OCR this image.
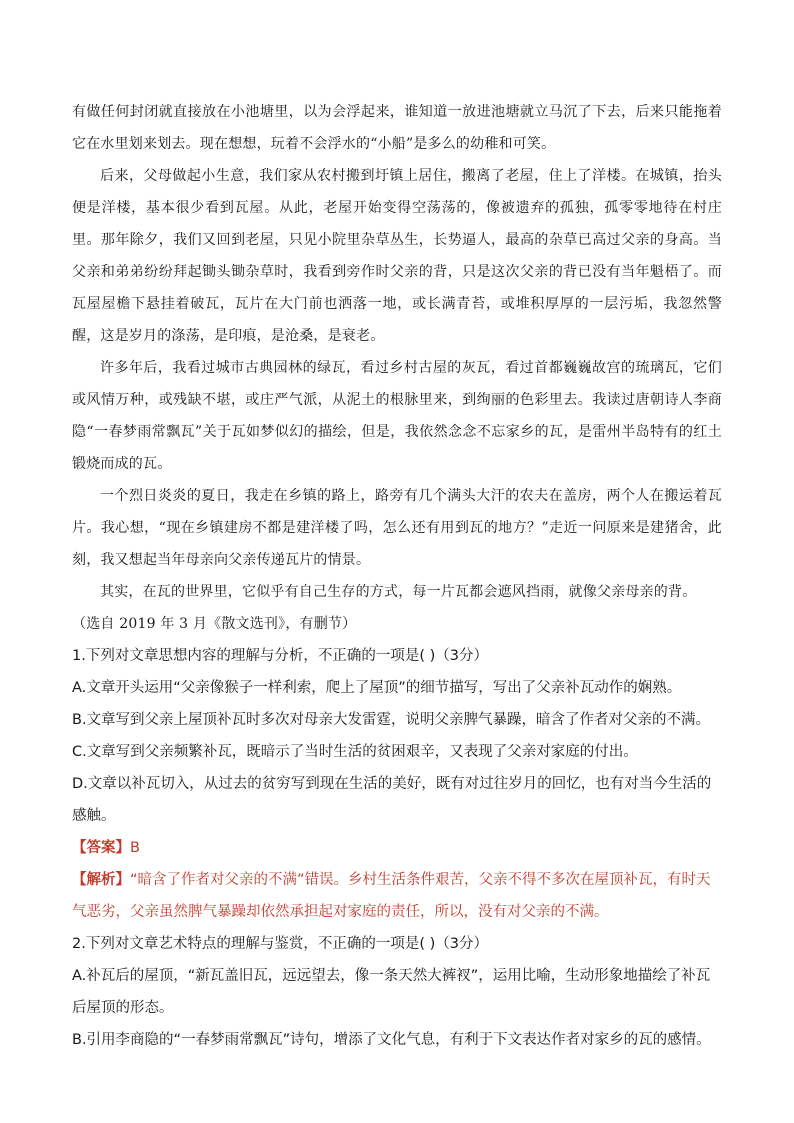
有做任何封闭就直接放在小池塘里，以为会浮起来，谁知道一放进池塘就立马沉了下去，后来只能拖着它在水里划来划去。现在想想，玩着不会浮水的“小船”是多么的幼稚和可笑。

后来，父母做起小生意，我们家从农村搬到圩镇上居住，搬离了老屋，住上了洋楼。在城镇，抬头便是洋楼，基本很少看到瓦屋。从此，老屋开始变得空荡荡的，像被遗弃的孤独，孤零零地待在村庄里。那年除夕，我们又回到老屋，只见小院里杂草丛生，长势逼人，最高的杂草已高过父亲的身高。当父亲和弟弟纷纷拜起锄头锄杂草时，我看到旁作时父亲的背，只是这次父亲的背已没有当年魁梧了。而瓦屋屋檐下悬挂着破瓦，瓦片在大门前也洒落一地，或长满青苔，或堆积厚厚的一层污垢，我忽然警醒，这是岁月的涤荡，是印痕，是沧桑，是衰老。

许多年后，我看过城市古典园林的绿瓦，看过乡村古屋的灰瓦，看过首都巍巍故宫的琉璃瓦，它们或风情万种，或残缺不堪，或庄严气派，从泥土的根脉里来，到绚丽的色彩里去。我读过唐朝诗人李商隐“一春梦雨常飘瓦”关于瓦如梦似幻的描绘，但是，我依然念念不忘家乡的瓦，是雷州半岛特有的红土锻烧而成的瓦。

一个烈日炎炎的夏日，我走在乡镇的路上，路旁有几个满头大汗的农夫在盖房，两个人在搬运着瓦片。我心想，“现在乡镇建房不都是建洋楼了吗，怎么还有用到瓦的地方？”走近一问原来是建猪舍，此刻，我又想起当年母亲向父亲传递瓦片的情景。

其实，在瓦的世界里，它似乎有自己生存的方式，每一片瓦都会遮风挡雨，就像父亲母亲的背。

（选自 2019 年 3 月《散文选刊》，有删节）

1.下列对文章思想内容的理解与分析，不正确的一项是( )（3分）

A.文章开头运用“父亲像猴子一样利索，爬上了屋顶”的细节描写，写出了父亲补瓦动作的娴熟。

B.文章写到父亲上屋顶补瓦时多次对母亲大发雷霆，说明父亲脾气暴躁，暗含了作者对父亲的不满。

C.文章写到父亲频繁补瓦，既暗示了当时生活的贫困艰辛，又表现了父亲对家庭的付出。

D.文章以补瓦切入，从过去的贫穷写到现在生活的美好，既有对过往岁月的回忆，也有对当今生活的感触。

【答案】B

【解析】“暗含了作者对父亲的不满”错误。乡村生活条件艰苦，父亲不得不多次在屋顶补瓦，有时天气恶劣，父亲虽然脾气暴躁却依然承担起对家庭的责任，所以，没有对父亲的不满。

2.下列对文章艺术特点的理解与鉴赏，不正确的一项是( )（3分）

A.补瓦后的屋顶，“新瓦盖旧瓦，远远望去，像一条天然大裤衩”，运用比喻，生动形象地描绘了补瓦后屋顶的形态。

B.引用李商隐的“一春梦雨常飘瓦”诗句，增添了文化气息，有利于下文表达作者对家乡的瓦的感情。
